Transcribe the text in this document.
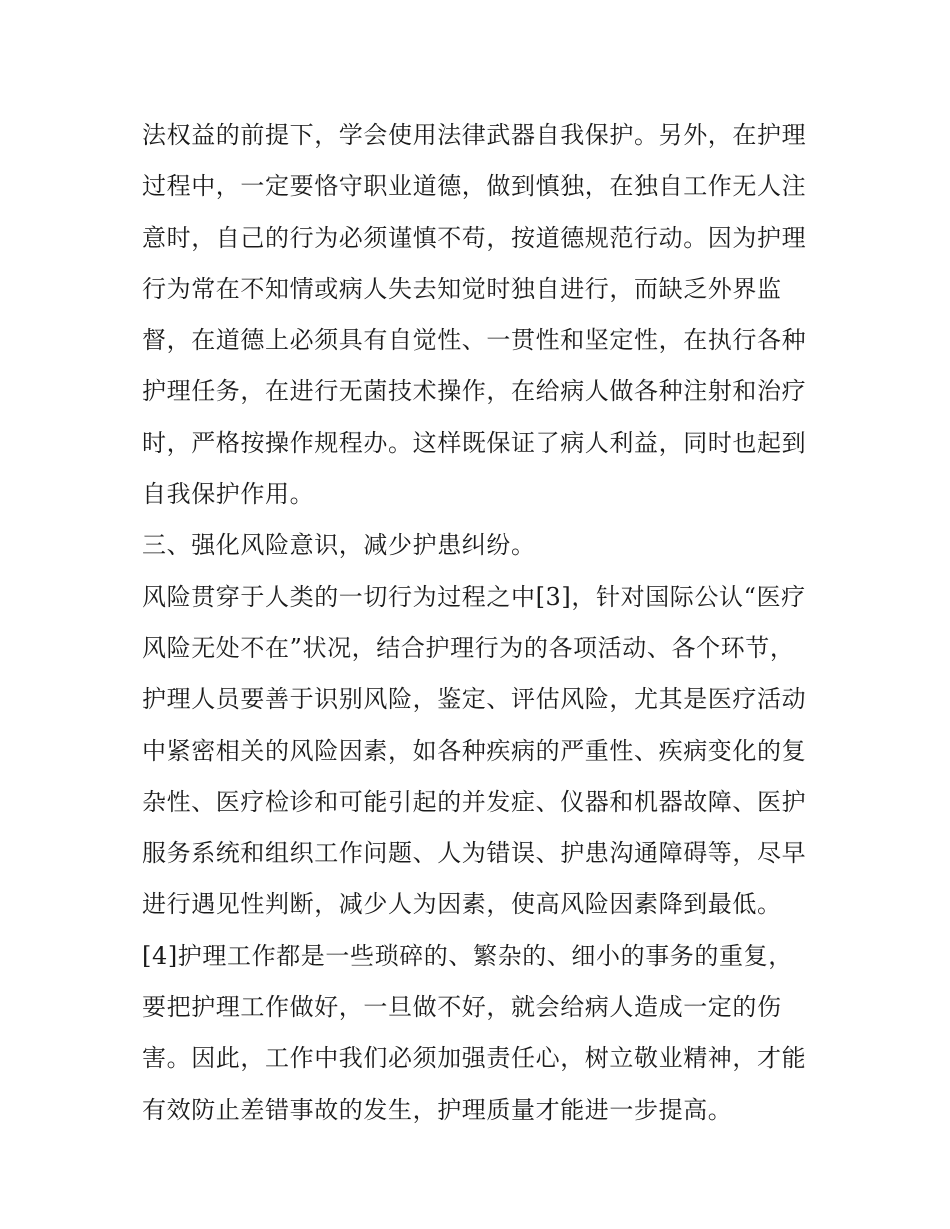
法权益的前提下，学会使用法律武器自我保护。另外，在护理
过程中，一定要恪守职业道德，做到慎独，在独自工作无人注
意时，自己的行为必须谨慎不苟，按道德规范行动。因为护理
行为常在不知情或病人失去知觉时独自进行，而缺乏外界监
督，在道德上必须具有自觉性、一贯性和坚定性，在执行各种
护理任务，在进行无菌技术操作，在给病人做各种注射和治疗
时，严格按操作规程办。这样既保证了病人利益，同时也起到
自我保护作用。
三、强化风险意识，减少护患纠纷。
风险贯穿于人类的一切行为过程之中[3]，针对国际公认“医疗
风险无处不在”状况，结合护理行为的各项活动、各个环节，
护理人员要善于识别风险，鉴定、评估风险，尤其是医疗活动
中紧密相关的风险因素，如各种疾病的严重性、疾病变化的复
杂性、医疗检诊和可能引起的并发症、仪器和机器故障、医护
服务系统和组织工作问题、人为错误、护患沟通障碍等，尽早
进行遇见性判断，减少人为因素，使高风险因素降到最低。
[4]护理工作都是一些琐碎的、繁杂的、细小的事务的重复，
要把护理工作做好，一旦做不好，就会给病人造成一定的伤
害。因此，工作中我们必须加强责任心，树立敬业精神，才能
有效防止差错事故的发生，护理质量才能进一步提高。
